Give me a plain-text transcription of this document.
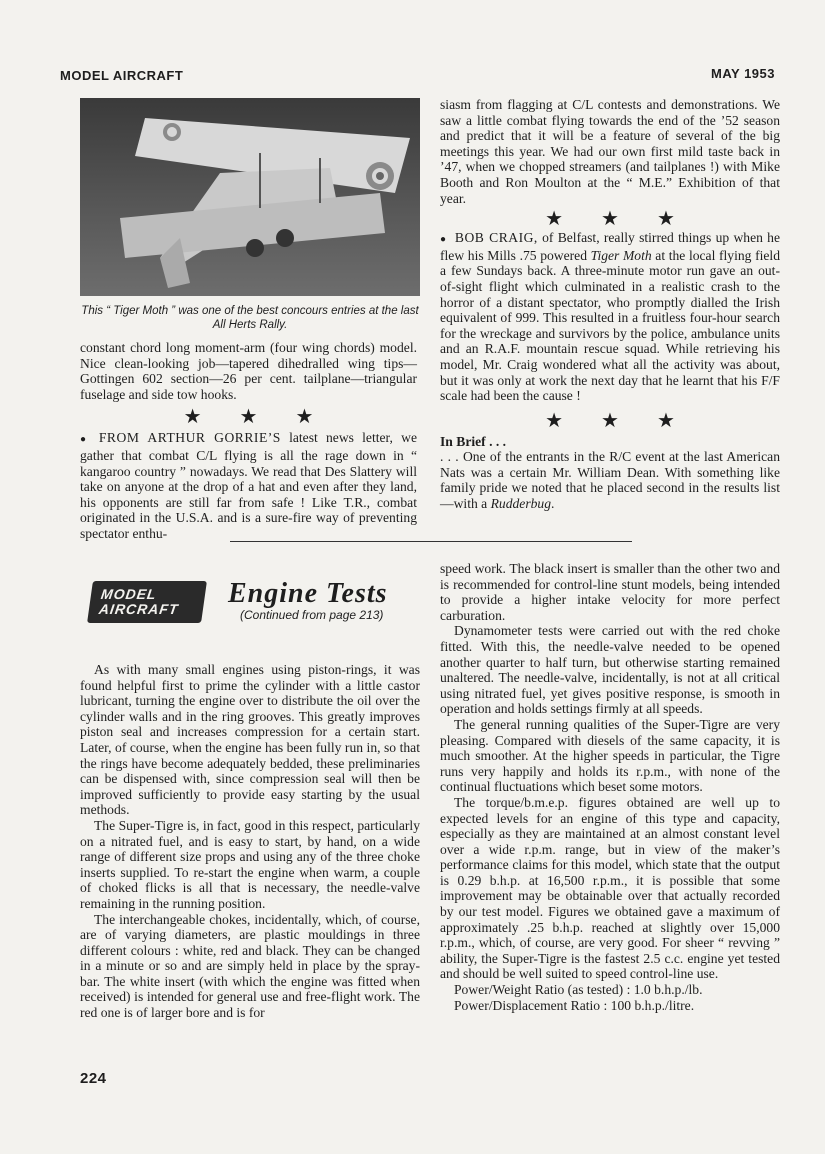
MODEL AIRCRAFT	MAY 1953
This “ Tiger Moth ” was one of the best concours entries at the last All Herts Rally.

constant chord long moment-arm (four wing chords) model. Nice clean-looking job—tapered dihedralled wing tips—Gottingen 602 section—26 per cent. tailplane—triangular fuselage and side tow hooks.

★★★

● FROM ARTHUR GORRIE’S latest news letter, we gather that combat C/L flying is all the rage down in “ kangaroo country ” nowadays. We read that Des Slattery will take on anyone at the drop of a hat and even after they land, his opponents are still far from safe ! Like T.R., combat originated in the U.S.A. and is a sure-fire way of preventing spectator enthu-

siasm from flagging at C/L contests and demonstrations. We saw a little combat flying towards the end of the ’52 season and predict that it will be a feature of several of the big meetings this year. We had our own first mild taste back in ’47, when we chopped streamers (and tailplanes !) with Mike Booth and Ron Moulton at the “ M.E.” Exhibition of that year.

★★★

● BOB CRAIG, of Belfast, really stirred things up when he flew his Mills .75 powered Tiger Moth at the local flying field a few Sundays back. A three-minute motor run gave an out-of-sight flight which culminated in a realistic crash to the horror of a distant spectator, who promptly dialled the Irish equivalent of 999. This resulted in a fruitless four-hour search for the wreckage and survivors by the police, ambulance units and an R.A.F. mountain rescue squad. While retrieving his model, Mr. Craig wondered what all the activity was about, but it was only at work the next day that he learnt that his F/F scale had been the cause !

★★★

In Brief . . .

. . . One of the entrants in the R/C event at the last American Nats was a certain Mr. William Dean. With something like family pride we noted that he placed second in the results list—with a Rudderbug.

MODEL
AIRCRAFT	Engine Tests
(Continued from page 213)

As with many small engines using piston-rings, it was found helpful first to prime the cylinder with a little castor lubricant, turning the engine over to distribute the oil over the cylinder walls and in the ring grooves. This greatly improves piston seal and increases compression for a certain start. Later, of course, when the engine has been fully run in, so that the rings have become adequately bedded, these preliminaries can be dispensed with, since compression seal will then be improved sufficiently to provide easy starting by the usual methods.

The Super-Tigre is, in fact, good in this respect, particularly on a nitrated fuel, and is easy to start, by hand, on a wide range of different size props and using any of the three choke inserts supplied. To re-start the engine when warm, a couple of choked flicks is all that is necessary, the needle-valve remaining in the running position.

The interchangeable chokes, incidentally, which, of course, are of varying diameters, are plastic mouldings in three different colours : white, red and black. They can be changed in a minute or so and are simply held in place by the spray-bar. The white insert (with which the engine was fitted when received) is intended for general use and free-flight work. The red one is of larger bore and is for

speed work. The black insert is smaller than the other two and is recommended for control-line stunt models, being intended to provide a higher intake velocity for more perfect carburation.

Dynamometer tests were carried out with the red choke fitted. With this, the needle-valve needed to be opened another quarter to half turn, but otherwise starting remained unaltered. The needle-valve, incidentally, is not at all critical using nitrated fuel, yet gives positive response, is smooth in operation and holds settings firmly at all speeds.

The general running qualities of the Super-Tigre are very pleasing. Compared with diesels of the same capacity, it is much smoother. At the higher speeds in particular, the Tigre runs very happily and holds its r.p.m., with none of the continual fluctuations which beset some motors.

The torque/b.m.e.p. figures obtained are well up to expected levels for an engine of this type and capacity, especially as they are maintained at an almost constant level over a wide r.p.m. range, but in view of the maker’s performance claims for this model, which state that the output is 0.29 b.h.p. at 16,500 r.p.m., it is possible that some improvement may be obtainable over that actually recorded by our test model. Figures we obtained gave a maximum of approximately .25 b.h.p. reached at slightly over 15,000 r.p.m., which, of course, are very good. For sheer “ revving ” ability, the Super-Tigre is the fastest 2.5 c.c. engine yet tested and should be well suited to speed control-line use.

Power/Weight Ratio (as tested) : 1.0 b.h.p./lb.

Power/Displacement Ratio : 100 b.h.p./litre.

224
